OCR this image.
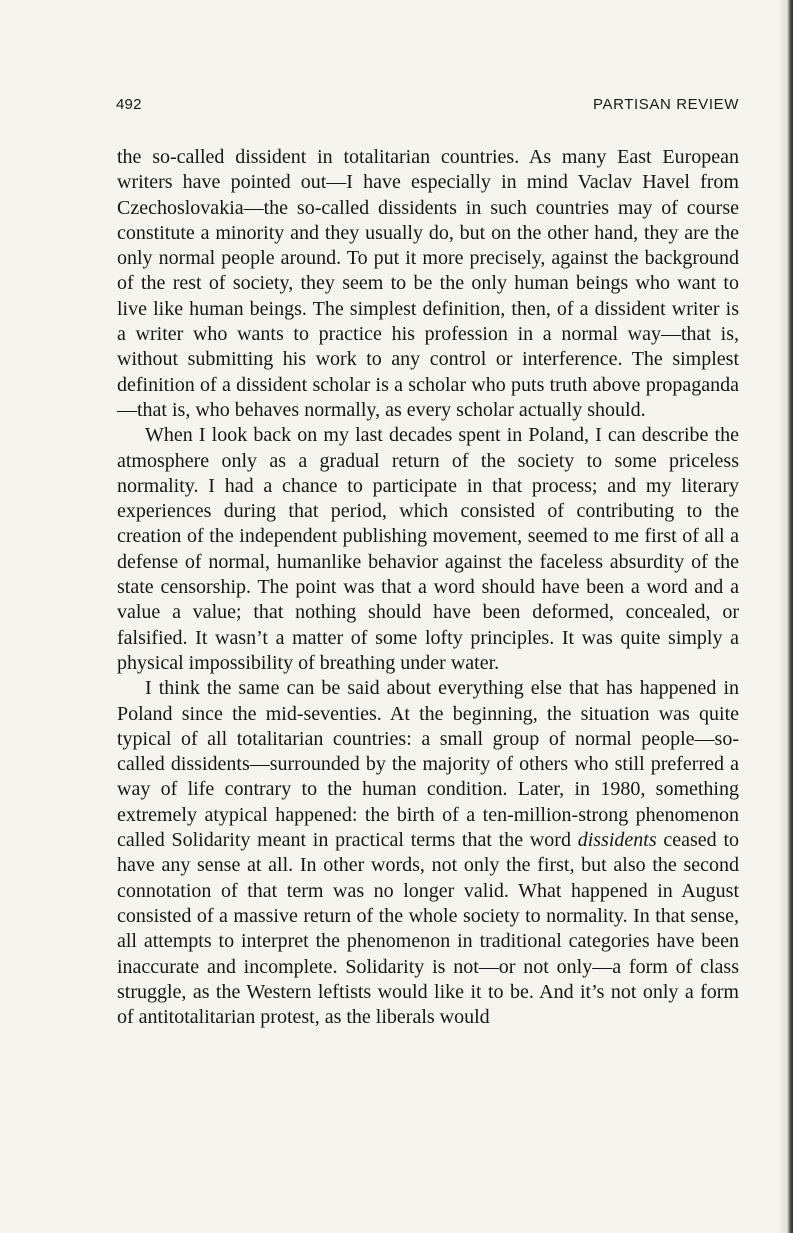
492	PARTISAN REVIEW

the so-called dissident in totalitarian countries. As many East European writers have pointed out—I have especially in mind Vaclav Havel from Czechoslovakia—the so-called dissidents in such countries may of course constitute a minority and they usually do, but on the other hand, they are the only normal people around. To put it more precisely, against the background of the rest of society, they seem to be the only human beings who want to live like human beings. The simplest definition, then, of a dissident writer is a writer who wants to practice his profession in a normal way—that is, without submitting his work to any control or interference. The simplest definition of a dissident scholar is a scholar who puts truth above propaganda—that is, who behaves normally, as every scholar actually should.

When I look back on my last decades spent in Poland, I can describe the atmosphere only as a gradual return of the society to some priceless normality. I had a chance to participate in that process; and my literary experiences during that period, which consisted of contributing to the creation of the independent publishing movement, seemed to me first of all a defense of normal, humanlike behavior against the faceless absurdity of the state censorship. The point was that a word should have been a word and a value a value; that nothing should have been deformed, concealed, or falsified. It wasn’t a matter of some lofty principles. It was quite simply a physical impossibility of breathing under water.

I think the same can be said about everything else that has happened in Poland since the mid-seventies. At the beginning, the situation was quite typical of all totalitarian countries: a small group of normal people—so-called dissidents—surrounded by the majority of others who still preferred a way of life contrary to the human condition. Later, in 1980, something extremely atypical happened: the birth of a ten-million-strong phenomenon called Solidarity meant in practical terms that the word dissidents ceased to have any sense at all. In other words, not only the first, but also the second connotation of that term was no longer valid. What happened in August consisted of a massive return of the whole society to normality. In that sense, all attempts to interpret the phenomenon in traditional categories have been inaccurate and incomplete. Solidarity is not—or not only—a form of class struggle, as the Western leftists would like it to be. And it’s not only a form of antitotalitarian protest, as the liberals would
